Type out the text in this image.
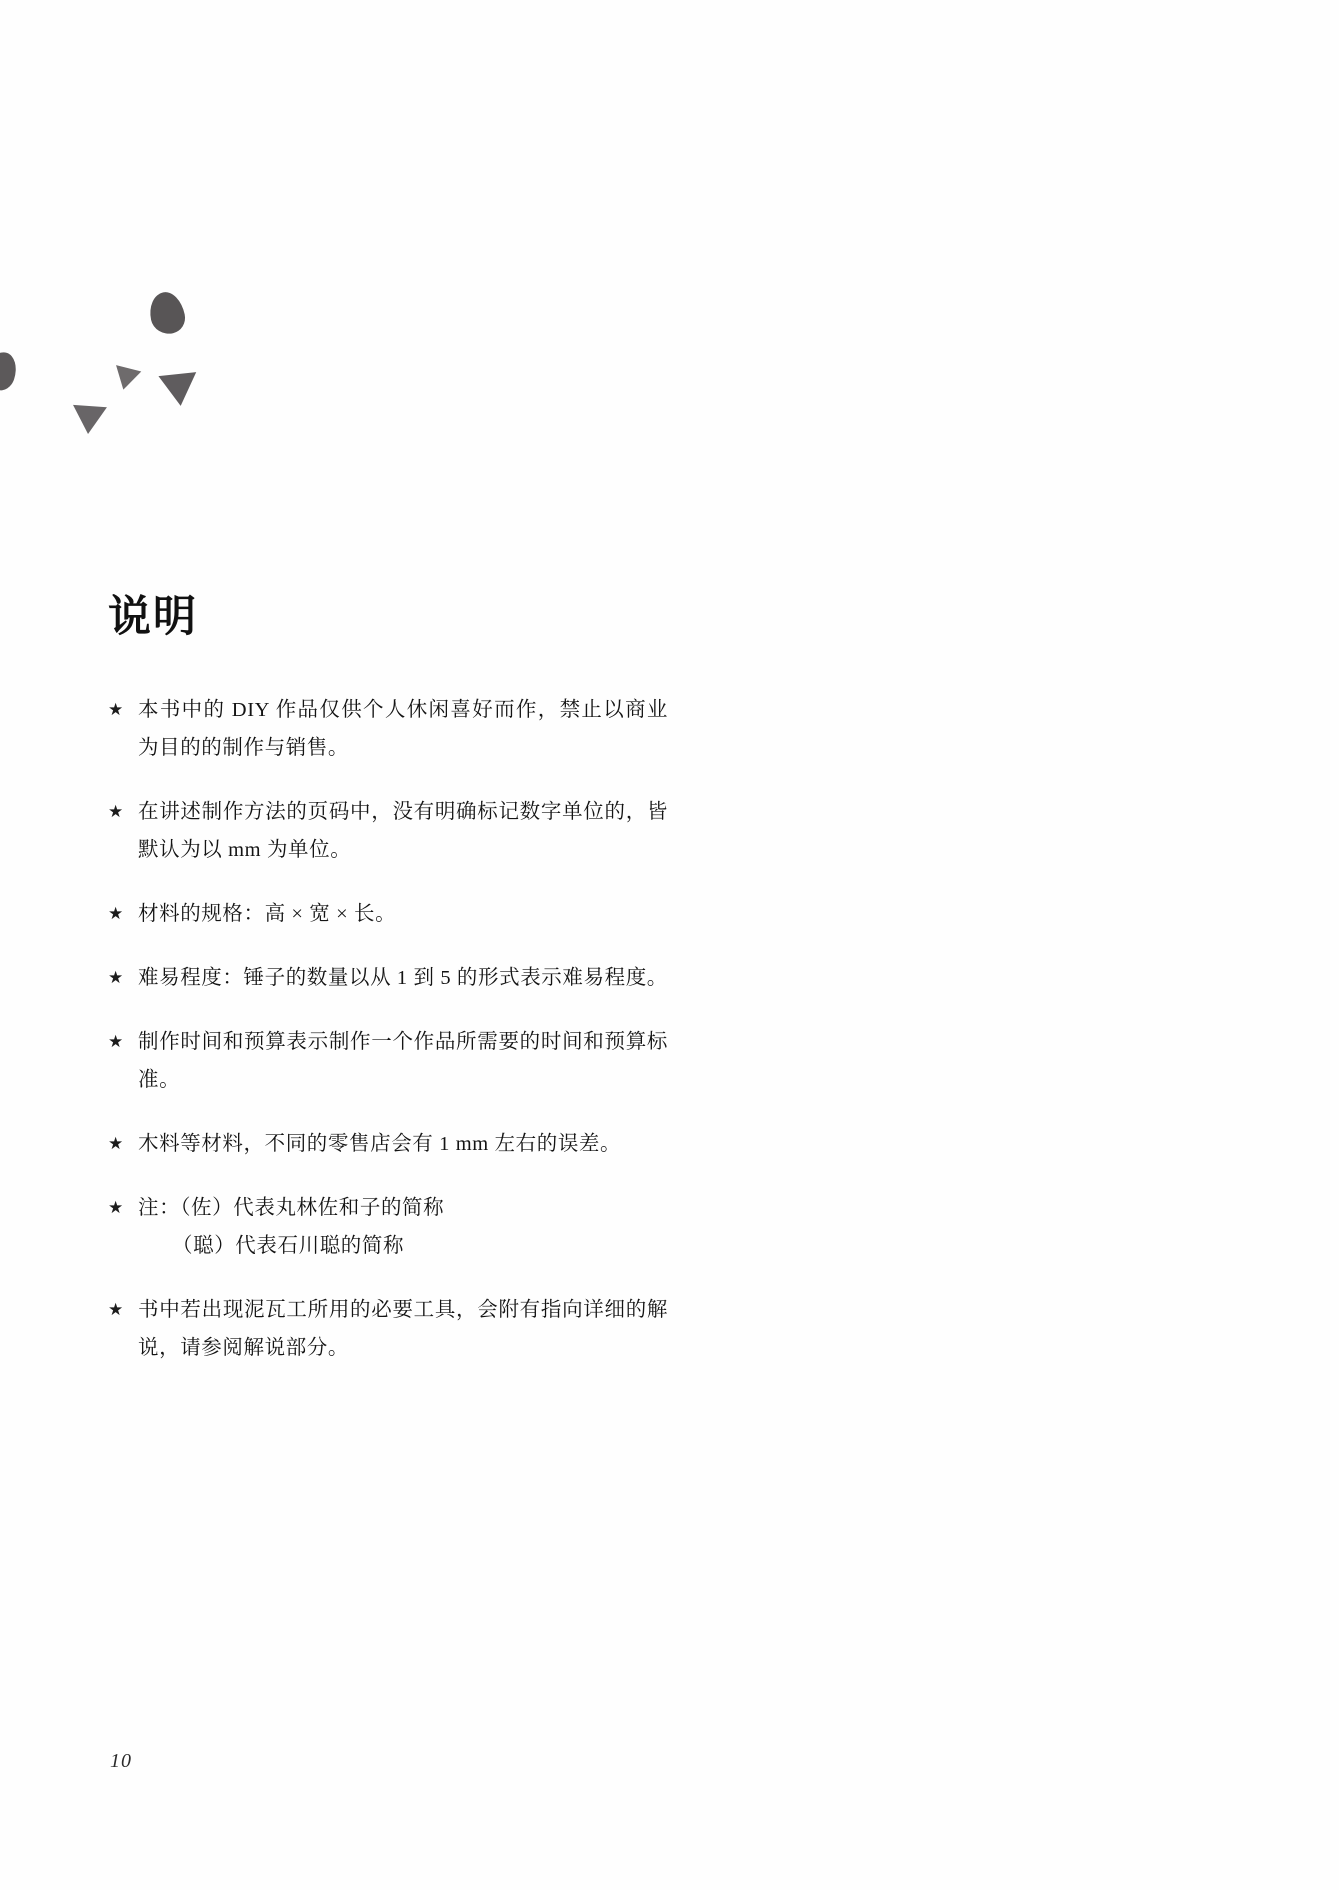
说明
★ 本书中的 DIY 作品仅供个人休闲喜好而作，禁止以商业为目的的制作与销售。
★ 在讲述制作方法的页码中，没有明确标记数字单位的，皆默认为以 mm 为单位。
★ 材料的规格：高 × 宽 × 长。
★ 难易程度：锤子的数量以从 1 到 5 的形式表示难易程度。
★ 制作时间和预算表示制作一个作品所需要的时间和预算标准。
★ 木料等材料，不同的零售店会有 1 mm 左右的误差。
★ 注：（佐）代表丸林佐和子的简称
（聪）代表石川聪的简称
★ 书中若出现泥瓦工所用的必要工具，会附有指向详细的解说，请参阅解说部分。
10
